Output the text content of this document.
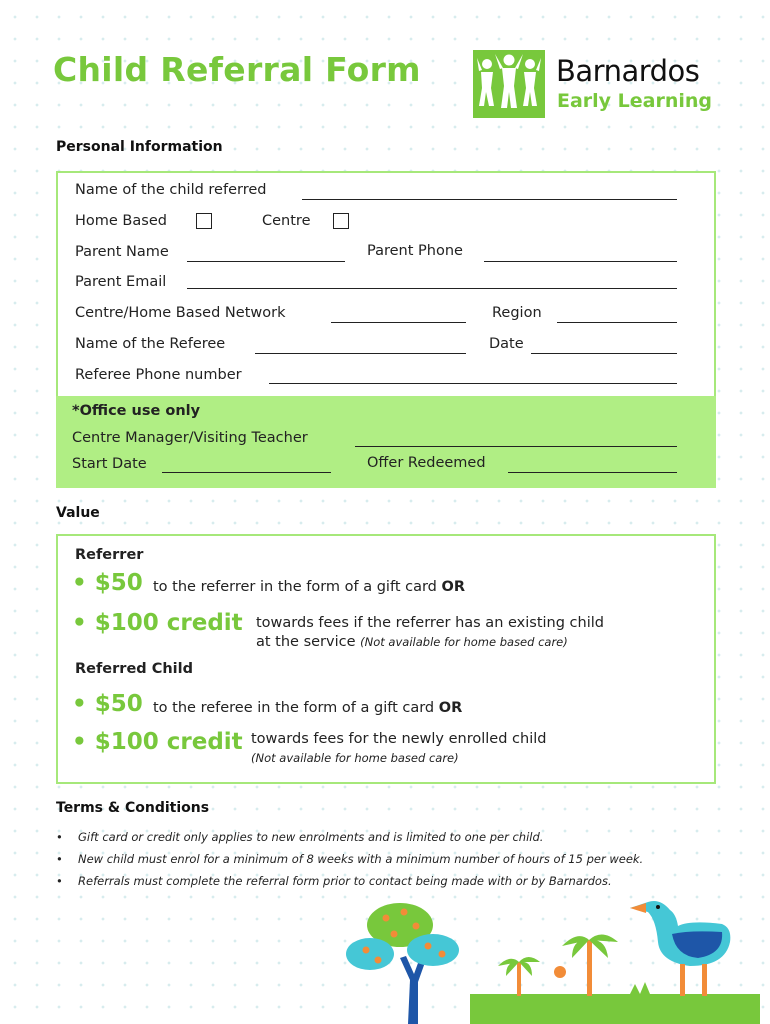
Child Referral Form	Barnardos
Early Learning
Personal Information
Name of the child referred
Home Based	Centre
Parent Name	Parent Phone
Parent Email
Centre/Home Based Network	Region
Name of the Referee	Date
Referee Phone number
*Office use only
Centre Manager/Visiting Teacher
Start Date	Offer Redeemed
Value
Referrer
• $50 to the referrer in the form of a gift card OR
• $100 credit towards fees if the referrer has an existing child
at the service (Not available for home based care)
Referred Child
• $50 to the referee in the form of a gift card OR
• $100 credit towards fees for the newly enrolled child
(Not available for home based care)
Terms & Conditions
• Gift card or credit only applies to new enrolments and is limited to one per child.
• New child must enrol for a minimum of 8 weeks with a minimum number of hours of 15 per week.
• Referrals must complete the referral form prior to contact being made with or by Barnardos.
